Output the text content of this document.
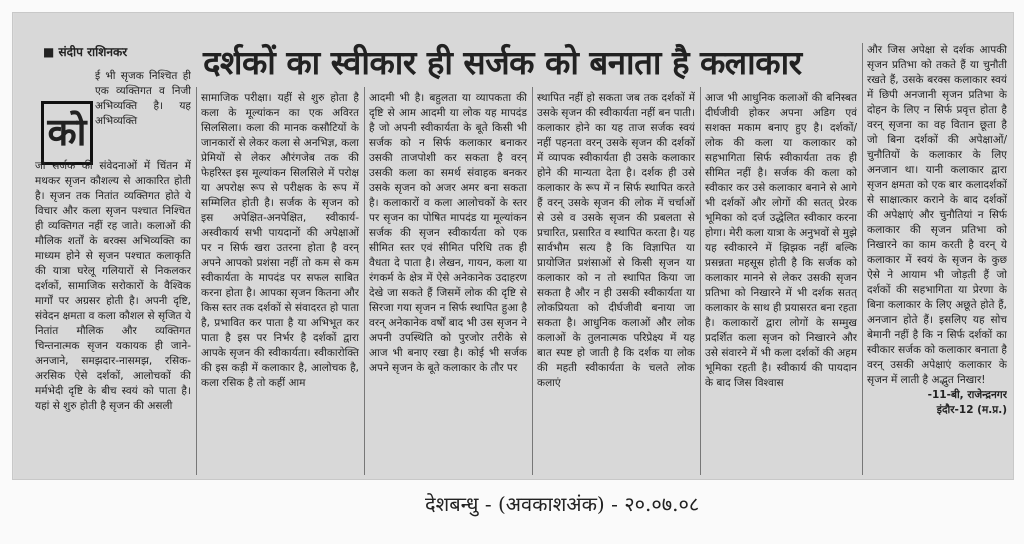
■ संदीप राशिनकर दर्शकों का स्वीकार ही सर्जक को बनाता है कलाकार
को

ई भी सृजक निश्चित ही एक व्यक्तिगत व निजी अभिव्यक्ति है। यह अभिव्यक्ति

जो सर्जक की संवेदनाओं में चिंतन में मथकर सृजन कौशल्य से आकारित होती है। सृजन तक नितांत व्यक्तिगत होते ये विचार और कला सृजन पश्चात निश्चित ही व्यक्तिगत नहीं रह जाते। कलाओं की मौलिक शर्तों के बरक्स अभिव्यक्ति का माध्यम होने से सृजन पश्चात कलाकृति की यात्रा घरेलू गलियारों से निकलकर दर्शकों, सामाजिक सरोकारों के वैश्विक मार्गों पर अग्रसर होती है। अपनी दृष्टि, संवेदन क्षमता व कला कौशल से सृजित ये नितांत मौलिक और व्यक्तिगत चिन्तनात्मक सृजन यकायक ही जाने-अनजाने, समझदार-नासमझ, रसिक-अरसिक ऐसे दर्शकों, आलोचकों की मर्मभेदी दृष्टि के बीच स्वयं को पाता है। यहां से शुरु होती है सृजन की असली

सामाजिक परीक्षा। यहीं से शुरु होता है कला के मूल्यांकन का एक अविरत सिलसिला। कला की मानक कसौटियों के जानकारों से लेकर कला से अनभिज्ञ, कला प्रेमियों से लेकर औरंगजेब तक की फेहरिस्त इस मूल्यांकन सिलसिले में परोक्ष या अपरोक्ष रूप से परीक्षक के रूप में सम्मिलित होती है। सर्जक के सृजन को इस अपेक्षित-अनपेक्षित, स्वीकार्य-अस्वीकार्य सभी पायदानों की अपेक्षाओं पर न सिर्फ खरा उतरना होता है वरन् अपने आपको प्रशंसा नहीं तो कम से कम स्वीकार्यता के मापदंड पर सफल साबित करना होता है। आपका सृजन कितना और किस स्तर तक दर्शकों से संवादरत हो पाता है, प्रभावित कर पाता है या अभिभूत कर पाता है इस पर निर्भर है दर्शकों द्वारा आपके सृजन की स्वीकार्यता। स्वीकारोक्ति की इस कड़ी में कलाकार है, आलोचक है, कला रसिक है तो कहीं आम

आदमी भी है। बहुलता या व्यापकता की दृष्टि से आम आदमी या लोक यह मापदंड है जो अपनी स्वीकार्यता के बूते किसी भी सर्जक को न सिर्फ कलाकार बनाकर उसकी ताजपोशी कर सकता है वरन् उसकी कला का समर्थ संवाहक बनकर उसके सृजन को अजर अमर बना सकता है। कलाकारों व कला आलोचकों के स्तर पर सृजन का पोषित मापदंड या मूल्यांकन सर्जक की सृजन स्वीकार्यता को एक सीमित स्तर एवं सीमित परिधि तक ही वैधता दे पाता है। लेखन, गायन, कला या रंगकर्म के क्षेत्र में ऐसे अनेकानेक उदाहरण देखे जा सकते हैं जिसमें लोक की दृष्टि से सिरजा गया सृजन न सिर्फ स्थापित हुआ है वरन् अनेकानेक वर्षों बाद भी उस सृजन ने अपनी उपस्थिति को पुरजोर तरीके से आज भी बनाए रखा है। कोई भी सर्जक अपने सृजन के बूते कलाकार के तौर पर

स्थापित नहीं हो सकता जब तक दर्शकों में उसके सृजन की स्वीकार्यता नहीं बन पाती। कलाकार होने का यह ताज सर्जक स्वयं नहीं पहनता वरन् उसके सृजन की दर्शकों में व्यापक स्वीकार्यता ही उसके कलाकार होने की मान्यता देता है। दर्शक ही उसे कलाकार के रूप में न सिर्फ स्थापित करते हैं वरन् उसके सृजन की लोक में चर्चाओं से उसे व उसके सृजन की प्रबलता से प्रचारित, प्रसारित व स्थापित करता है। यह सार्वभौम सत्य है कि विज्ञापित या प्रायोजित प्रशंसाओं से किसी सृजन या कलाकार को न तो स्थापित किया जा सकता है और न ही उसकी स्वीकार्यता या लोकप्रियता को दीर्घजीवी बनाया जा सकता है। आधुनिक कलाओं और लोक कलाओं के तुलनात्मक परिप्रेक्ष्य में यह बात स्पष्ट हो जाती है कि दर्शक या लोक की महती स्वीकार्यता के चलते लोक कलाएं

आज भी आधुनिक कलाओं की बनिस्बत दीर्घजीवी होकर अपना अडिग एवं सशक्त मकाम बनाए हुए है। दर्शकों/लोक की कला या कलाकार को सहभागिता सिर्फ स्वीकार्यता तक ही सीमित नहीं है। सर्जक की कला को स्वीकार कर उसे कलाकार बनाने से आगे भी दर्शकों और लोगों की सतत् प्रेरक भूमिका को दर्ज उद्धेलित स्वीकार करना होगा। मेरी कला यात्रा के अनुभवों से मुझे यह स्वीकारने में झिझक नहीं बल्कि प्रसन्नता महसूस होती है कि सर्जक को कलाकार मानने से लेकर उसकी सृजन प्रतिभा को निखारने में भी दर्शक सतत् कलाकार के साथ ही प्रयासरत बना रहता है। कलाकारों द्वारा लोगों के सम्मुख प्रदर्शित कला सृजन को निखारने और उसे संवारने में भी कला दर्शकों की अहम भूमिका रहती है। स्वीकार्य की पायदान के बाद जिस विश्वास

और जिस अपेक्षा से दर्शक आपकी सृजन प्रतिभा को तकते हैं या चुनौती रखते हैं, उसके बरक्स कलाकार स्वयं में छिपी अनजानी सृजन प्रतिभा के दोहन के लिए न सिर्फ प्रवृत्त होता है वरन् सृजना का वह वितान छूता है जो बिना दर्शकों की अपेक्षाओं/चुनौतियों के कलाकार के लिए अनजान था। यानी कलाकार द्वारा सृजन क्षमता को एक बार कलादर्शकों से साक्षात्कार कराने के बाद दर्शकों की अपेक्षाएं और चुनौतियां न सिर्फ कलाकार की सृजन प्रतिभा को निखारने का काम करती है वरन् ये कलाकार में स्वयं के सृजन के कुछ ऐसे ने आयाम भी जोड़ती हैं जो दर्शकों की सहभागिता या प्रेरणा के बिना कलाकार के लिए अछूते होते हैं, अनजान होते हैं। इसलिए यह सोच बेमानी नहीं है कि न सिर्फ दर्शकों का स्वीकार सर्जक को कलाकार बनाता है वरन् उसकी अपेक्षाएं कलाकार के सृजन में लाती है अद्भुत निखार!

-11-बी, राजेन्द्रनगर

इंदौर-12 (म.प्र.)

देशबन्धु - (अवकाशअंक) - २०.०७.०८
